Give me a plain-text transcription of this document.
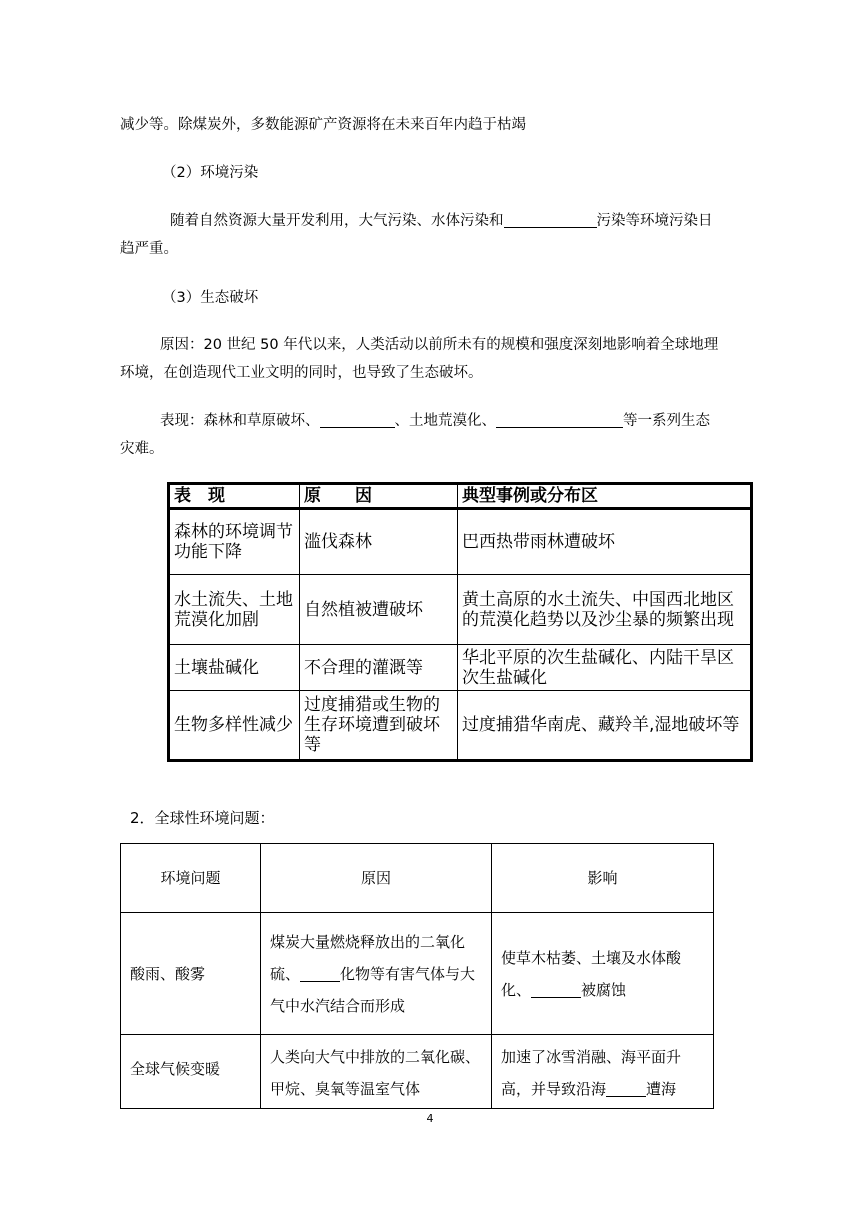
减少等。除煤炭外，多数能源矿产资源将在未来百年内趋于枯竭

（2）环境污染

随着自然资源大量开发利用，大气污染、水体污染和	污染等环境污染日
趋严重。

（3）生态破坏

原因：20 世纪 50 年代以来，人类活动以前所未有的规模和强度深刻地影响着全球地理
环境，在创造现代工业文明的同时，也导致了生态破坏。

表现：森林和草原破坏、	、土地荒漠化、	等一系列生态
灾难。

表　现	原　　因	典型事例或分布区
森林的环境调节功能下降	滥伐森林	巴西热带雨林遭破坏
水土流失、土地荒漠化加剧	自然植被遭破坏	黄土高原的水土流失、中国西北地区的荒漠化趋势以及沙尘暴的频繁出现
土壤盐碱化	不合理的灌溉等	华北平原的次生盐碱化、内陆干旱区次生盐碱化
生物多样性减少	过度捕猎或生物的生存环境遭到破坏等	过度捕猎华南虎、藏羚羊,湿地破坏等

2．全球性环境问题：

环境问题	原因	影响
酸雨、酸雾	煤炭大量燃烧释放出的二氧化硫、 化物等有害气体与大气中水汽结合而形成	使草木枯萎、土壤及水体酸化、 被腐蚀
全球气候变暖	人类向大气中排放的二氧化碳、甲烷、臭氧等温室气体	加速了冰雪消融、海平面升高，并导致沿海 遭海
4
